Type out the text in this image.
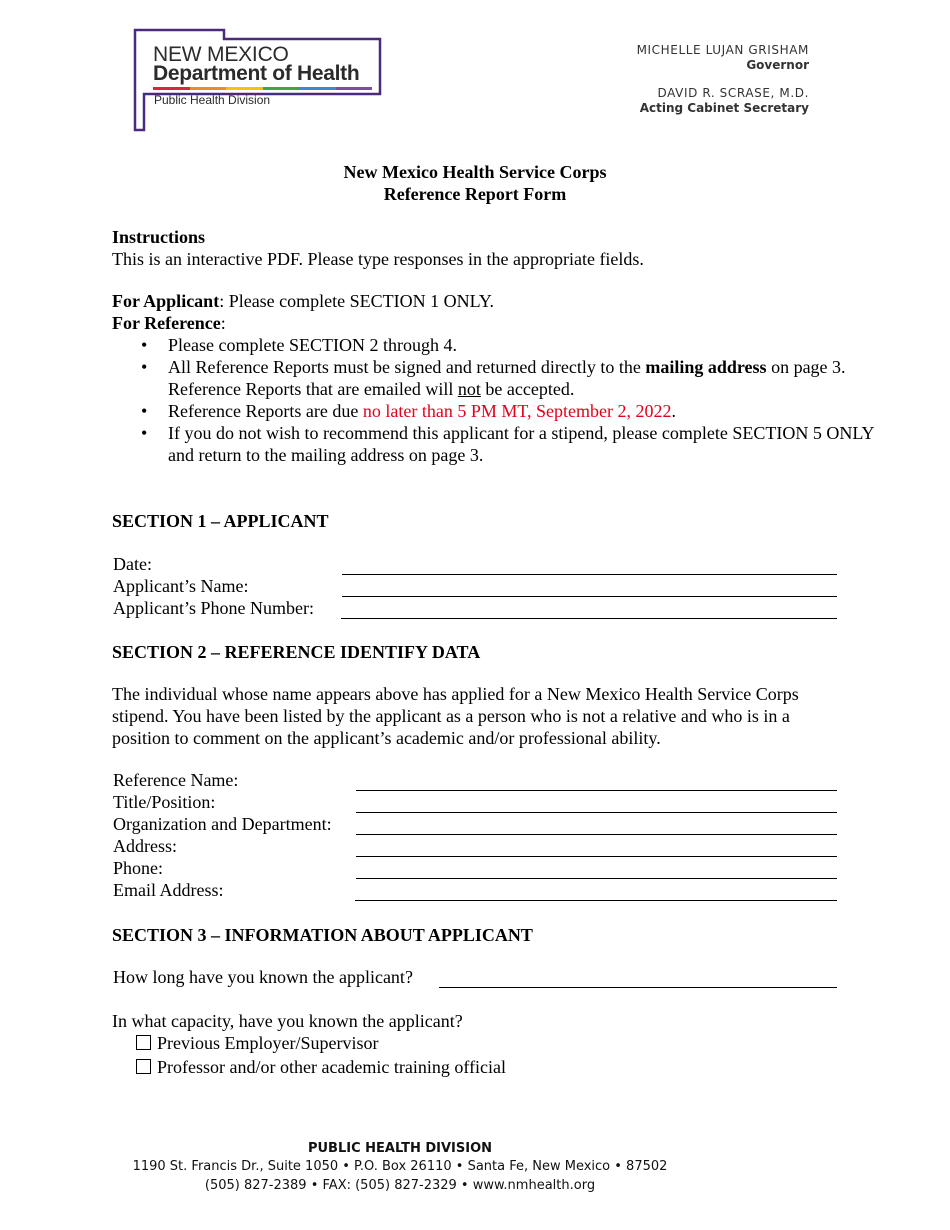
NEW MEXICO
Department of Health
Public Health Division
MICHELLE LUJAN GRISHAM
Governor
DAVID R. SCRASE, M.D.
Acting Cabinet Secretary
New Mexico Health Service Corps
Reference Report Form
Instructions
This is an interactive PDF. Please type responses in the appropriate fields.
For Applicant: Please complete SECTION 1 ONLY.
For Reference:
• Please complete SECTION 2 through 4.
• All Reference Reports must be signed and returned directly to the mailing address on page 3. Reference Reports that are emailed will not be accepted.
• Reference Reports are due no later than 5 PM MT, September 2, 2022.
• If you do not wish to recommend this applicant for a stipend, please complete SECTION 5 ONLY and return to the mailing address on page 3.
SECTION 1 – APPLICANT
Date:
Applicant’s Name:
Applicant’s Phone Number:
SECTION 2 – REFERENCE IDENTIFY DATA
The individual whose name appears above has applied for a New Mexico Health Service Corps stipend. You have been listed by the applicant as a person who is not a relative and who is in a position to comment on the applicant’s academic and/or professional ability.
Reference Name:
Title/Position:
Organization and Department:
Address:
Phone:
Email Address:
SECTION 3 – INFORMATION ABOUT APPLICANT
How long have you known the applicant?
In what capacity, have you known the applicant?
Previous Employer/Supervisor
Professor and/or other academic training official
PUBLIC HEALTH DIVISION
1190 St. Francis Dr., Suite 1050 • P.O. Box 26110 • Santa Fe, New Mexico • 87502
(505) 827-2389 • FAX: (505) 827-2329 • www.nmhealth.org
